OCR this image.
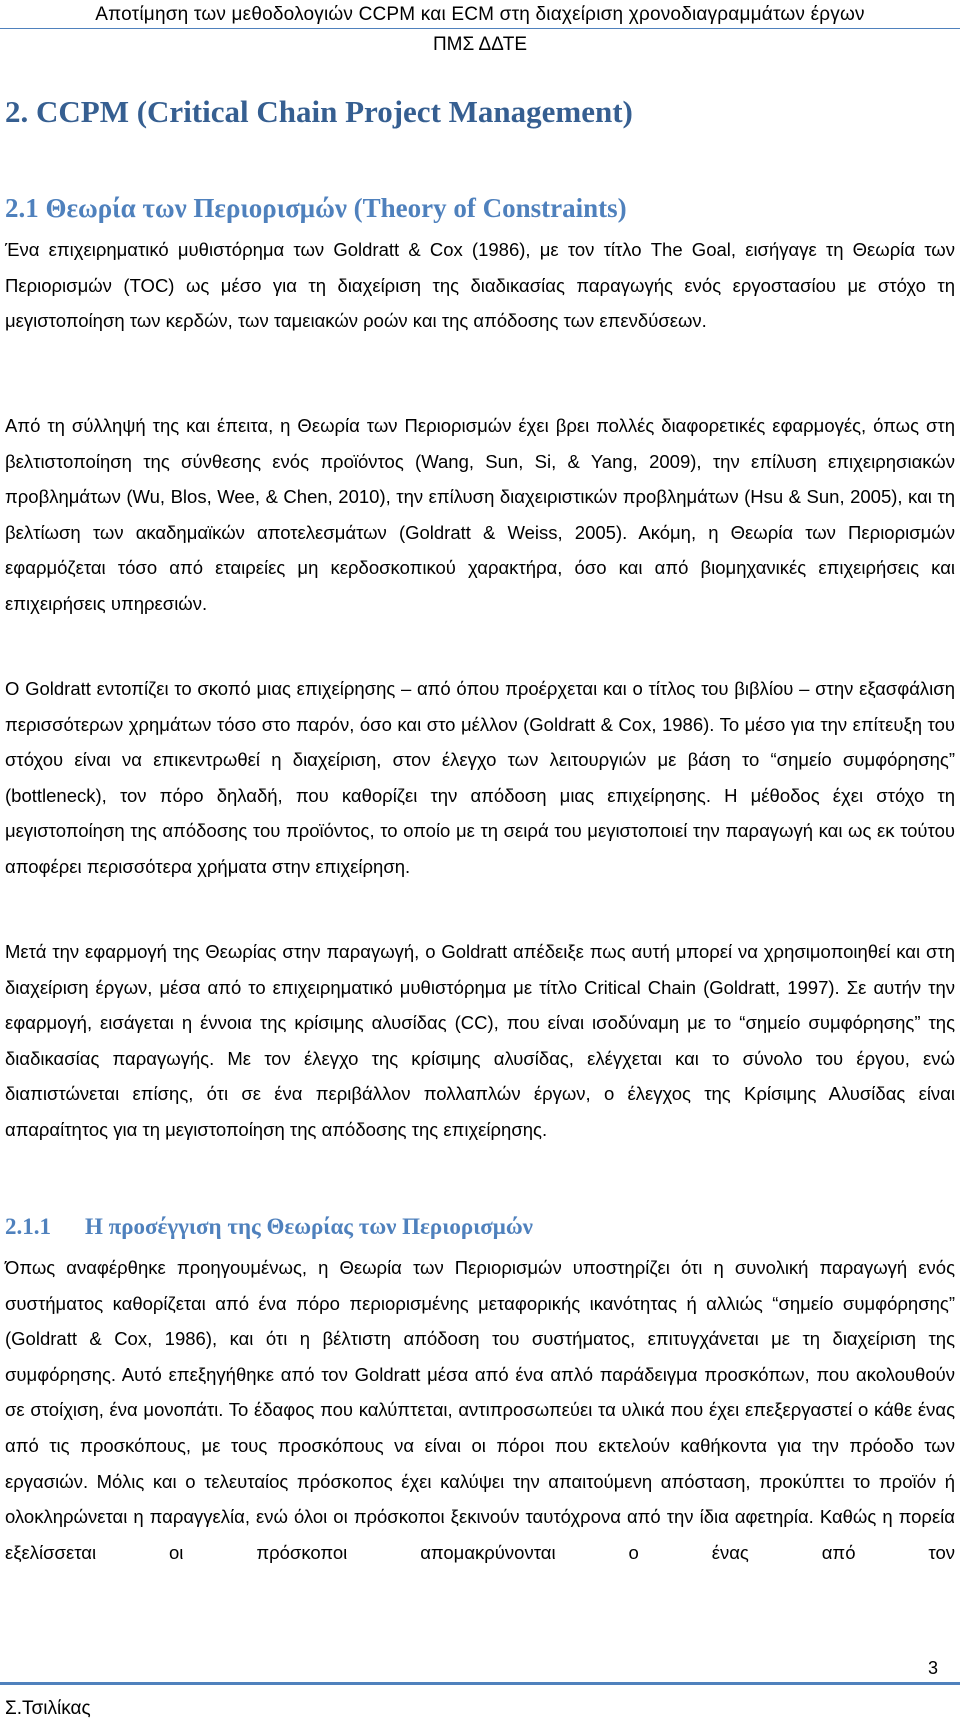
Αποτίμηση των μεθοδολογιών CCPM και ECM στη διαχείριση χρονοδιαγραμμάτων έργων
ΠΜΣ ΔΔΤΕ
2. CCPM (Critical Chain Project Management)
2.1 Θεωρία των Περιορισμών (Theory of Constraints)

Ένα επιχειρηματικό μυθιστόρημα των Goldratt & Cox (1986), με τον τίτλο The Goal, εισήγαγε τη Θεωρία των Περιορισμών (TOC) ως μέσο για τη διαχείριση της διαδικασίας παραγωγής ενός εργοστασίου με στόχο τη μεγιστοποίηση των κερδών, των ταμειακών ροών και της απόδοσης των επενδύσεων.

Από τη σύλληψή της και έπειτα, η Θεωρία των Περιορισμών έχει βρει πολλές διαφορετικές εφαρμογές, όπως στη βελτιστοποίηση της σύνθεσης ενός προϊόντος (Wang, Sun, Si, & Yang, 2009), την επίλυση επιχειρησιακών προβλημάτων (Wu, Blos, Wee, & Chen, 2010), την επίλυση διαχειριστικών προβλημάτων (Hsu & Sun, 2005), και τη βελτίωση των ακαδημαϊκών αποτελεσμάτων (Goldratt & Weiss, 2005). Ακόμη, η Θεωρία των Περιορισμών εφαρμόζεται τόσο από εταιρείες μη κερδοσκοπικού χαρακτήρα, όσο και από βιομηχανικές επιχειρήσεις και επιχειρήσεις υπηρεσιών.

Ο Goldratt εντοπίζει το σκοπό μιας επιχείρησης – από όπου προέρχεται και ο τίτλος του βιβλίου – στην εξασφάλιση περισσότερων χρημάτων τόσο στο παρόν, όσο και στο μέλλον (Goldratt & Cox, 1986). Το μέσο για την επίτευξη του στόχου είναι να επικεντρωθεί η διαχείριση, στον έλεγχο των λειτουργιών με βάση το “σημείο συμφόρησης” (bottleneck), τον πόρο δηλαδή, που καθορίζει την απόδοση μιας επιχείρησης. Η μέθοδος έχει στόχο τη μεγιστοποίηση της απόδοσης του προϊόντος, το οποίο με τη σειρά του μεγιστοποιεί την παραγωγή και ως εκ τούτου αποφέρει περισσότερα χρήματα στην επιχείρηση.

Μετά την εφαρμογή της Θεωρίας στην παραγωγή, ο Goldratt απέδειξε πως αυτή μπορεί να χρησιμοποιηθεί και στη διαχείριση έργων, μέσα από το επιχειρηματικό μυθιστόρημα με τίτλο Critical Chain (Goldratt, 1997). Σε αυτήν την εφαρμογή, εισάγεται η έννοια της κρίσιμης αλυσίδας (CC), που είναι ισοδύναμη με το “σημείο συμφόρησης” της διαδικασίας παραγωγής. Με τον έλεγχο της κρίσιμης αλυσίδας, ελέγχεται και το σύνολο του έργου, ενώ διαπιστώνεται επίσης, ότι σε ένα περιβάλλον πολλαπλών έργων, ο έλεγχος της Κρίσιμης Αλυσίδας είναι απαραίτητος για τη μεγιστοποίηση της απόδοσης της επιχείρησης.

2.1.1 Η προσέγγιση της Θεωρίας των Περιορισμών

Όπως αναφέρθηκε προηγουμένως, η Θεωρία των Περιορισμών υποστηρίζει ότι η συνολική παραγωγή ενός συστήματος καθορίζεται από ένα πόρο περιορισμένης μεταφορικής ικανότητας ή αλλιώς “σημείο συμφόρησης” (Goldratt & Cox, 1986), και ότι η βέλτιστη απόδοση του συστήματος, επιτυγχάνεται με τη διαχείριση της συμφόρησης. Αυτό επεξηγήθηκε από τον Goldratt μέσα από ένα απλό παράδειγμα προσκόπων, που ακολουθούν σε στοίχιση, ένα μονοπάτι. Το έδαφος που καλύπτεται, αντιπροσωπεύει τα υλικά που έχει επεξεργαστεί ο κάθε ένας από τις προσκόπους, με τους προσκόπους να είναι οι πόροι που εκτελούν καθήκοντα για την πρόοδο των εργασιών. Μόλις και ο τελευταίος πρόσκοπος έχει καλύψει την απαιτούμενη απόσταση, προκύπτει το προϊόν ή ολοκληρώνεται η παραγγελία, ενώ όλοι οι πρόσκοποι ξεκινούν ταυτόχρονα από την ίδια αφετηρία. Καθώς η πορεία εξελίσσεται οι πρόσκοποι απομακρύνονται ο ένας από τον

3
Σ.Τσιλίκας
